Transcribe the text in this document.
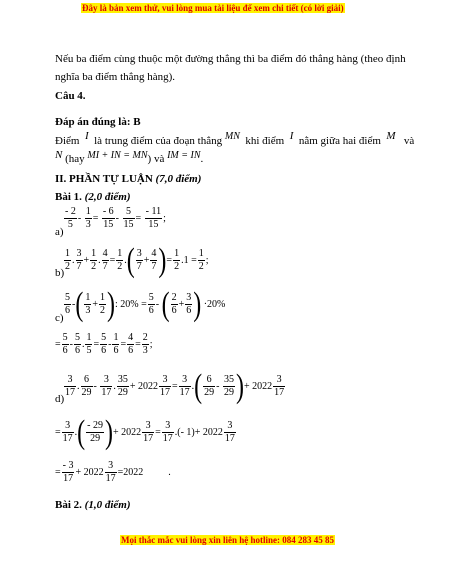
Đây là bản xem thử, vui lòng mua tài liệu để xem chi tiết (có lời giải)
Nếu ba điểm cùng thuộc một đường thẳng thì ba điểm đó thẳng hàng (theo định
nghĩa ba điểm thẳng hàng).
Câu 4.
Đáp án đúng là: B
Điểm I là trung điểm của đoạn thẳng MN khi điểm I nằm giữa hai điểm M và
N (hay MI + IN = MN) và IM = IN.
II. PHẦN TỰ LUẬN (7,0 điểm)
Bài 1. (2,0 điểm)
a)
$\frac{- 2}{5} - \frac{1}{3} = \frac{- 6}{15} - \frac{5}{15} = \frac{- 11}{15}$ ;
$b) \frac{1}{2}$ . $\frac{3}{7} + \frac{1}{2}$ . $\frac{4}{7} = \frac{1}{2}$ .( $\frac{3}{7} + \frac{4}{7}$ )= $\frac{1}{2} .1 = \frac{1}{2}$ ;
c)
$\frac{5}{6}$ -( $\frac{1}{3} + \frac{1}{2}$ ): $20\% = \frac{5}{6}$ - ( $\frac{2}{6} + \frac{3}{6}$ ) ·20%
= $\frac{5}{6} - \frac{5}{6}$ . $\frac{1}{5} = \frac{5}{6} - \frac{1}{6} = \frac{4}{6} = \frac{2}{3}$ ;
$d) \frac{3}{17}$ . $\frac{6}{29} - \frac{3}{17}$ . $\frac{35}{29} + 2022 \frac{3}{17} = \frac{3}{17}$ .( $\frac{6}{29} - \frac{35}{29}$ )+ $2022 \frac{3}{17}$
= $\frac{3}{17}$ .( $\frac{- 29}{29}$ )+ $2022 \frac{3}{17} = \frac{3}{17}$ .(- $1)+ 2022 \frac{3}{17}$
= $\frac{- 3}{17} + 2022 \frac{3}{17} =2022$	.
Bài 2. (1,0 điểm)
Mọi thắc mắc vui lòng xin liên hệ hotline: 084 283 45 85
